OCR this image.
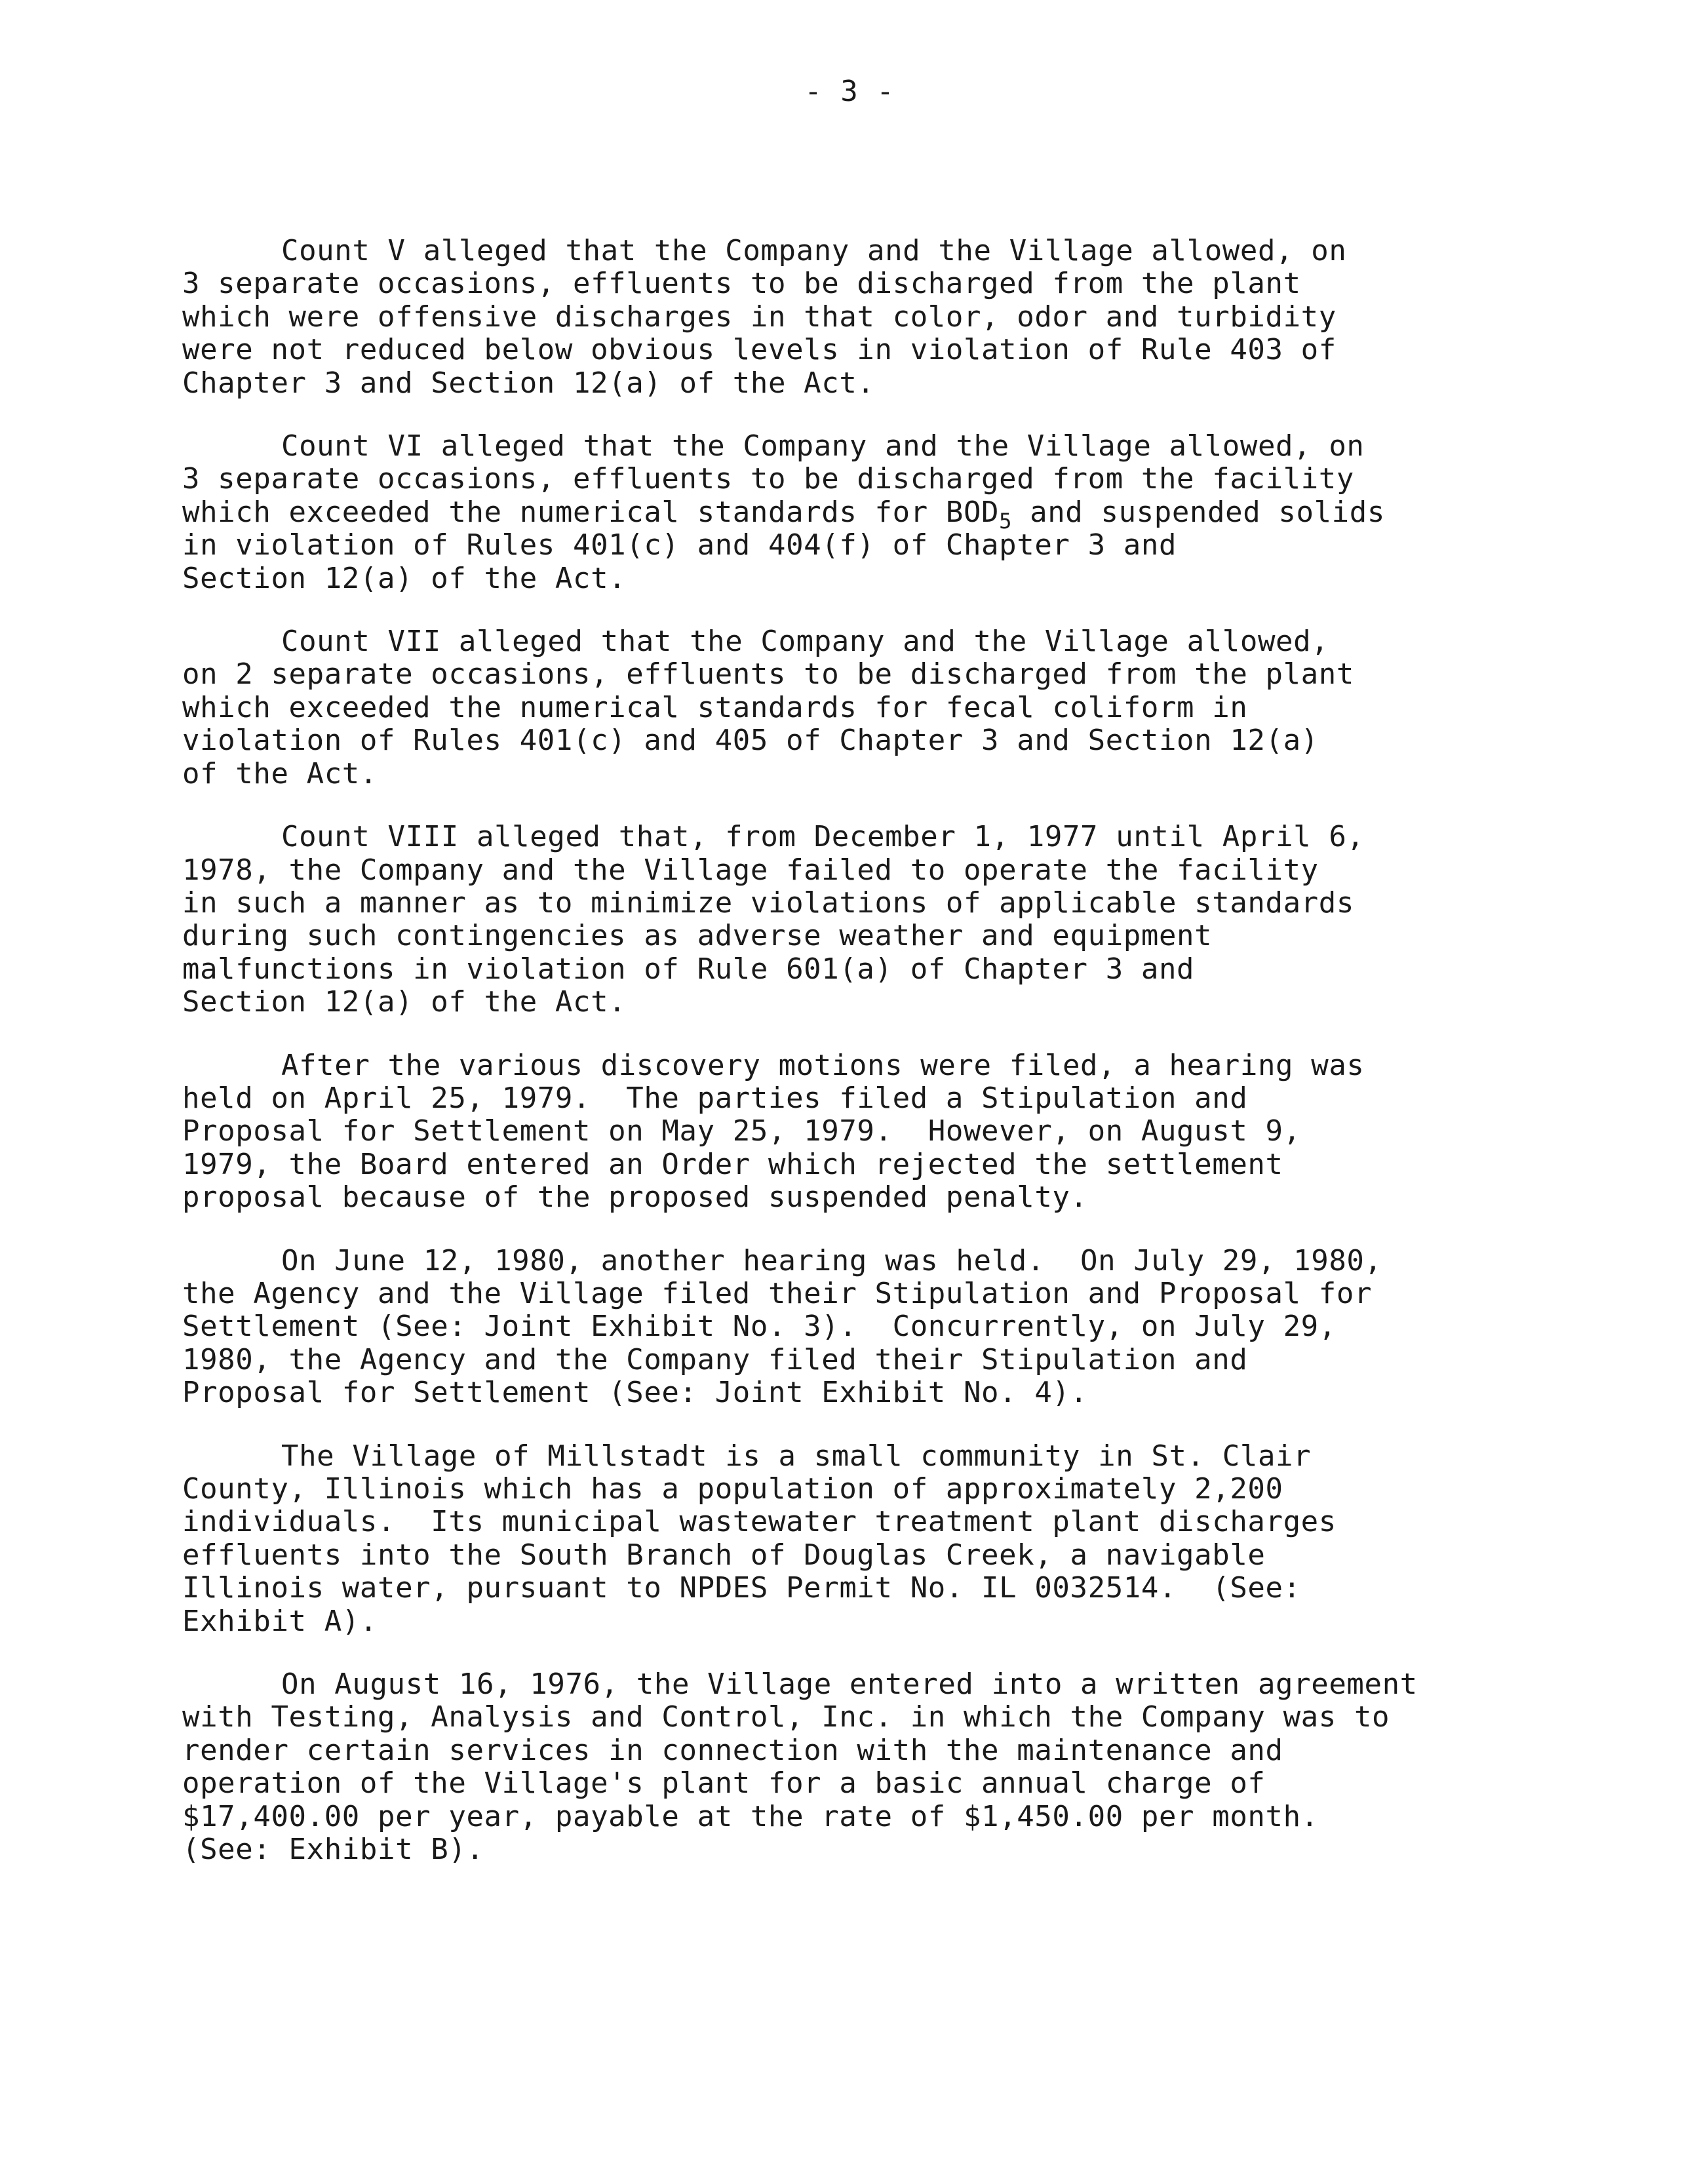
- 3 -
Count V alleged that the Company and the Village allowed, on
3 separate occasions, effluents to be discharged from the plant
which were offensive discharges in that color, odor and turbidity
were not reduced below obvious levels in violation of Rule 403 of
Chapter 3 and Section 12(a) of the Act.
Count VI alleged that the Company and the Village allowed, on
3 separate occasions, effluents to be discharged from the facility
which exceeded the numerical standards for $BOD_5$ and suspended solids
in violation of Rules 401(c) and 404(f) of Chapter 3 and
Section 12(a) of the Act.
Count VII alleged that the Company and the Village allowed,
on 2 separate occasions, effluents to be discharged from the plant
which exceeded the numerical standards for fecal coliform in
violation of Rules 401(c) and 405 of Chapter 3 and Section 12(a)
of the Act.
Count VIII alleged that, from December 1, 1977 until April 6,
1978, the Company and the Village failed to operate the facility
in such a manner as to minimize violations of applicable standards
during such contingencies as adverse weather and equipment
malfunctions in violation of Rule 601(a) of Chapter 3 and
Section 12(a) of the Act.
After the various discovery motions were filed, a hearing was
held on April 25, 1979.  The parties filed a Stipulation and
Proposal for Settlement on May 25, 1979.  However, on August 9,
1979, the Board entered an Order which rejected the settlement
proposal because of the proposed suspended penalty.
On June 12, 1980, another hearing was held.  On July 29, 1980,
the Agency and the Village filed their Stipulation and Proposal for
Settlement (See: Joint Exhibit No. 3).  Concurrently, on July 29,
1980, the Agency and the Company filed their Stipulation and
Proposal for Settlement (See: Joint Exhibit No. 4).
The Village of Millstadt is a small community in St. Clair
County, Illinois which has a population of approximately 2,200
individuals.  Its municipal wastewater treatment plant discharges
effluents into the South Branch of Douglas Creek, a navigable
Illinois water, pursuant to NPDES Permit No. IL 0032514.  (See:
Exhibit A).
On August 16, 1976, the Village entered into a written agreement
with Testing, Analysis and Control, Inc. in which the Company was to
render certain services in connection with the maintenance and
operation of the Village's plant for a basic annual charge of
$17,400.00 per year, payable at the rate of $1,450.00 per month.
(See: Exhibit B).
